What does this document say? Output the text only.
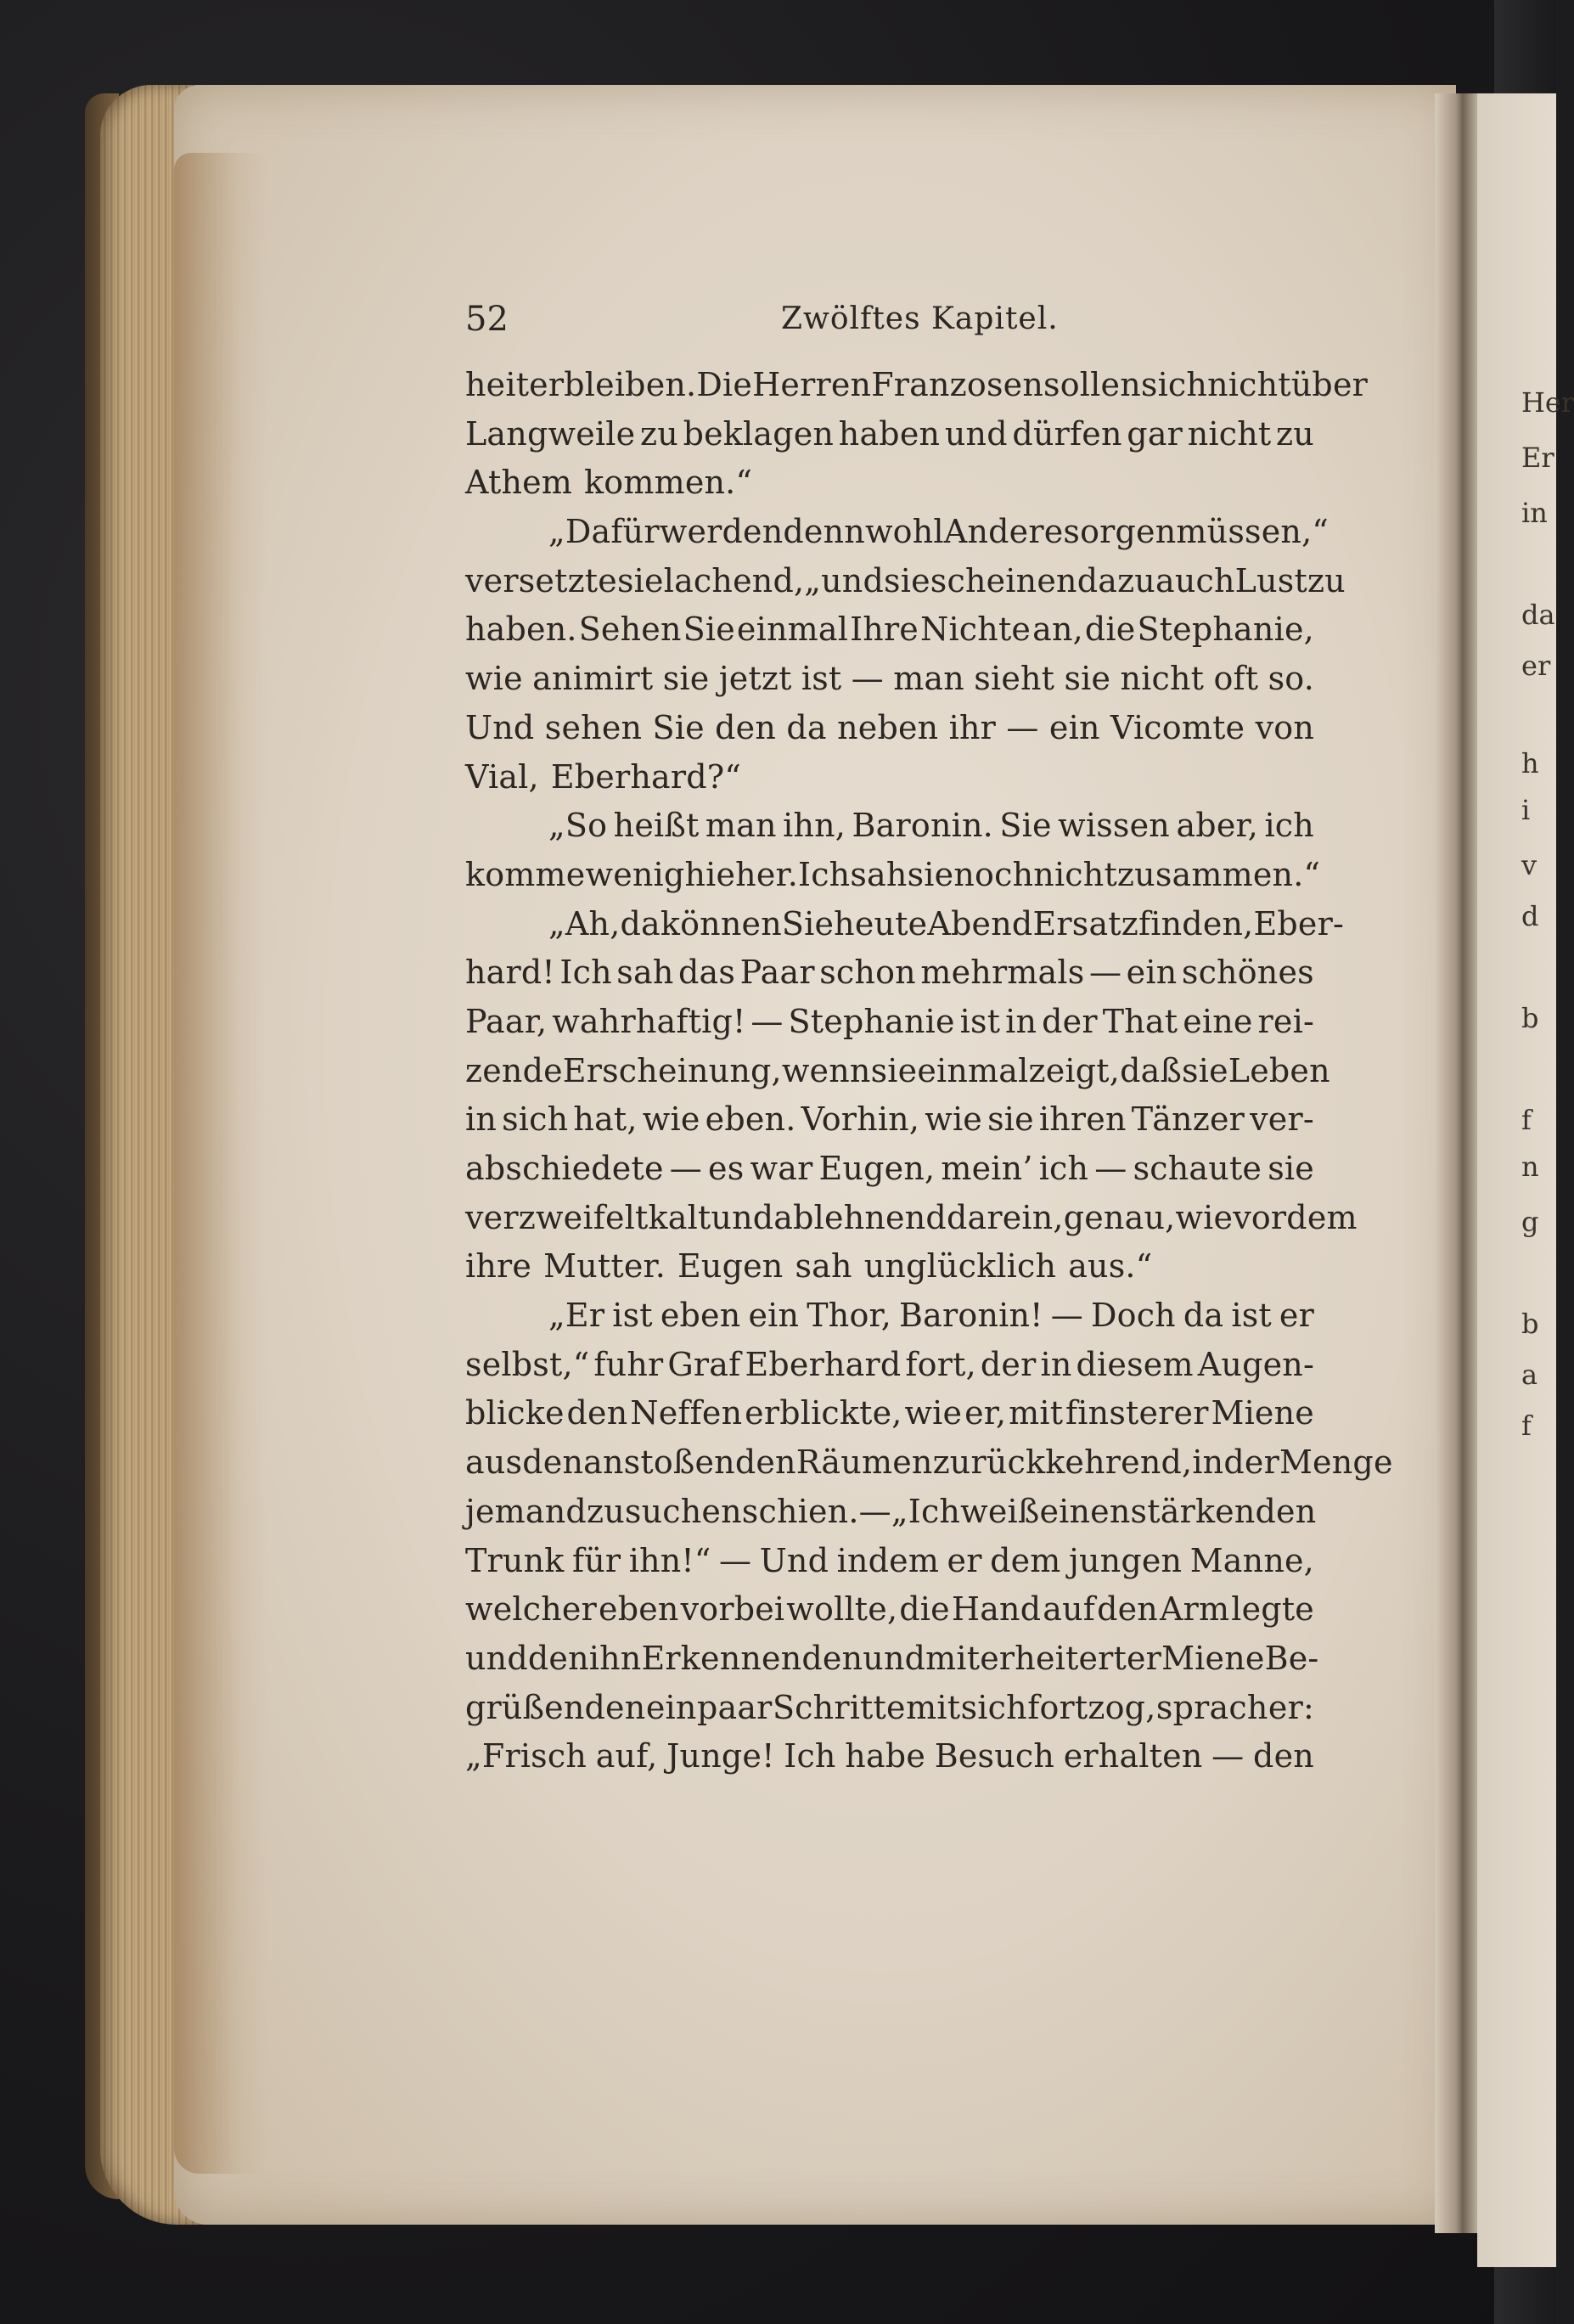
52	Zwölftes Kapitel.
heiter bleiben. Die Herren Franzosen sollen sich nicht über
Langweile zu beklagen haben und dürfen gar nicht zu
Athem kommen.“
„Dafür werden denn wohl Andere sorgen müssen,“
versetzte sie lachend, „und sie scheinen dazu auch Lust zu
haben. Sehen Sie einmal Ihre Nichte an, die Stephanie,
wie animirt sie jetzt ist — man sieht sie nicht oft so.
Und sehen Sie den da neben ihr — ein Vicomte von
Vial, Eberhard?“
„So heißt man ihn, Baronin. Sie wissen aber, ich
komme wenig hieher. Ich sah sie noch nicht zusammen.“
„Ah, da können Sie heute Abend Ersatz finden, Eber-
hard! Ich sah das Paar schon mehrmals — ein schönes
Paar, wahrhaftig! — Stephanie ist in der That eine rei-
zende Erscheinung, wenn sie einmal zeigt, daß sie Leben
in sich hat, wie eben. Vorhin, wie sie ihren Tänzer ver-
abschiedete — es war Eugen, mein’ ich — schaute sie
verzweifelt kalt und ablehnend darein, genau, wie vordem
ihre Mutter. Eugen sah unglücklich aus.“
„Er ist eben ein Thor, Baronin! — Doch da ist er
selbst,“ fuhr Graf Eberhard fort, der in diesem Augen-
blicke den Neffen erblickte, wie er, mit finsterer Miene
aus den anstoßenden Räumen zurückkehrend, in der Menge
jemand zu suchen schien. — „Ich weiß einen stärkenden
Trunk für ihn!“ — Und indem er dem jungen Manne,
welcher eben vorbei wollte, die Hand auf den Arm legte
und den ihn Erkennenden und mit erheiterter Miene Be-
grüßenden ein paar Schritte mit sich fortzog, sprach er:
„Frisch auf, Junge! Ich habe Besuch erhalten — den
Her
Er
in
da
er
h
i
v
d
b
f
n
g
b
a
f
